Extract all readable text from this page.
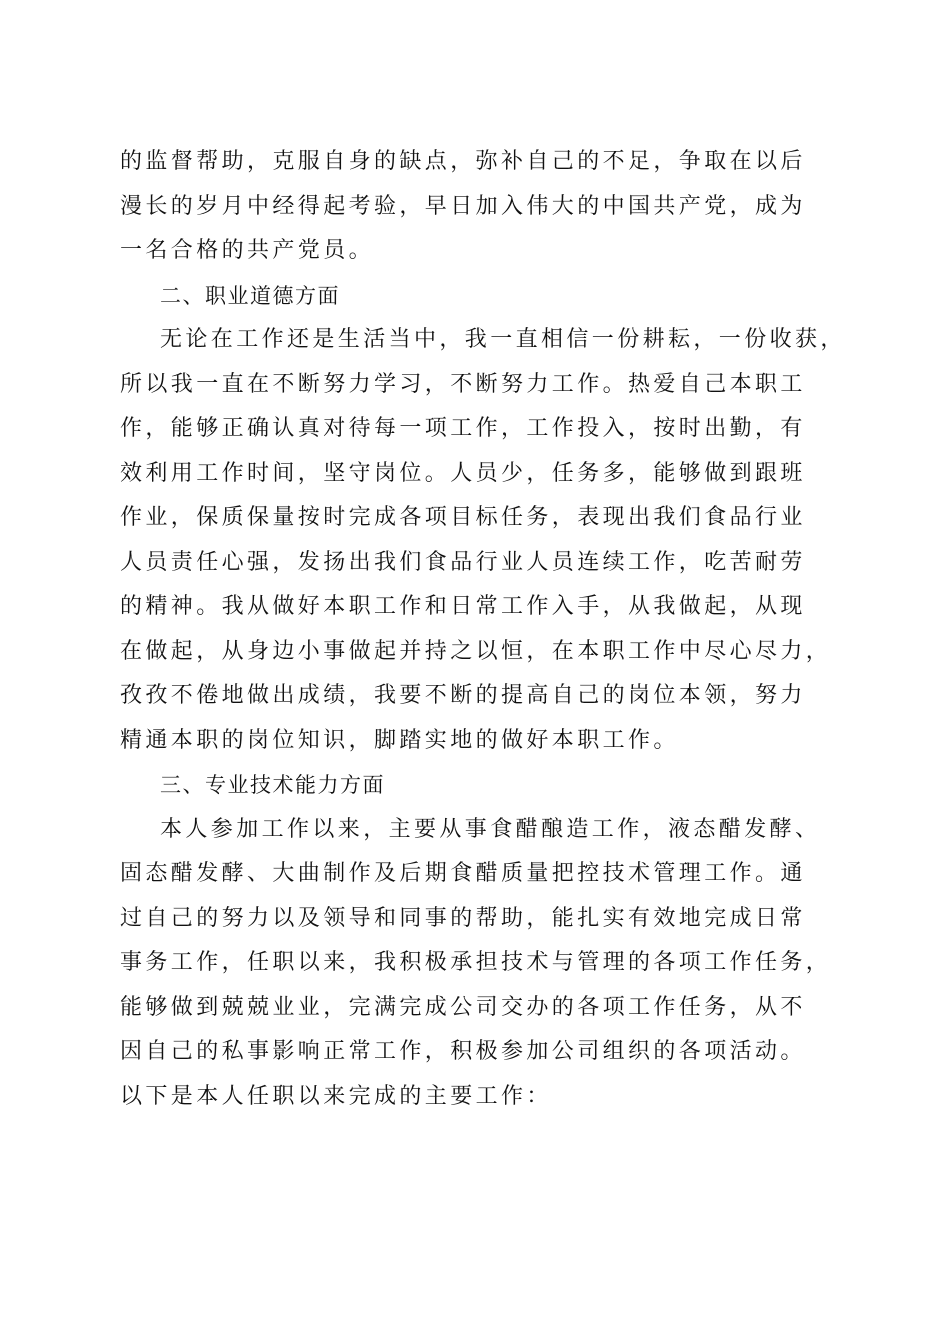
的监督帮助，克服自身的缺点，弥补自己的不足，争取在以后
漫长的岁月中经得起考验，早日加入伟大的中国共产党，成为
一名合格的共产党员。
二、职业道德方面
无论在工作还是生活当中，我一直相信一份耕耘，一份收获，
所以我一直在不断努力学习，不断努力工作。热爱自己本职工
作，能够正确认真对待每一项工作，工作投入，按时出勤，有
效利用工作时间，坚守岗位。人员少，任务多，能够做到跟班
作业，保质保量按时完成各项目标任务，表现出我们食品行业
人员责任心强，发扬出我们食品行业人员连续工作，吃苦耐劳
的精神。我从做好本职工作和日常工作入手，从我做起，从现
在做起，从身边小事做起并持之以恒，在本职工作中尽心尽力，
孜孜不倦地做出成绩，我要不断的提高自己的岗位本领，努力
精通本职的岗位知识，脚踏实地的做好本职工作。
三、专业技术能力方面
本人参加工作以来，主要从事食醋酿造工作，液态醋发酵、
固态醋发酵、大曲制作及后期食醋质量把控技术管理工作。通
过自己的努力以及领导和同事的帮助，能扎实有效地完成日常
事务工作，任职以来，我积极承担技术与管理的各项工作任务，
能够做到兢兢业业，完满完成公司交办的各项工作任务，从不
因自己的私事影响正常工作，积极参加公司组织的各项活动。
以下是本人任职以来完成的主要工作：
